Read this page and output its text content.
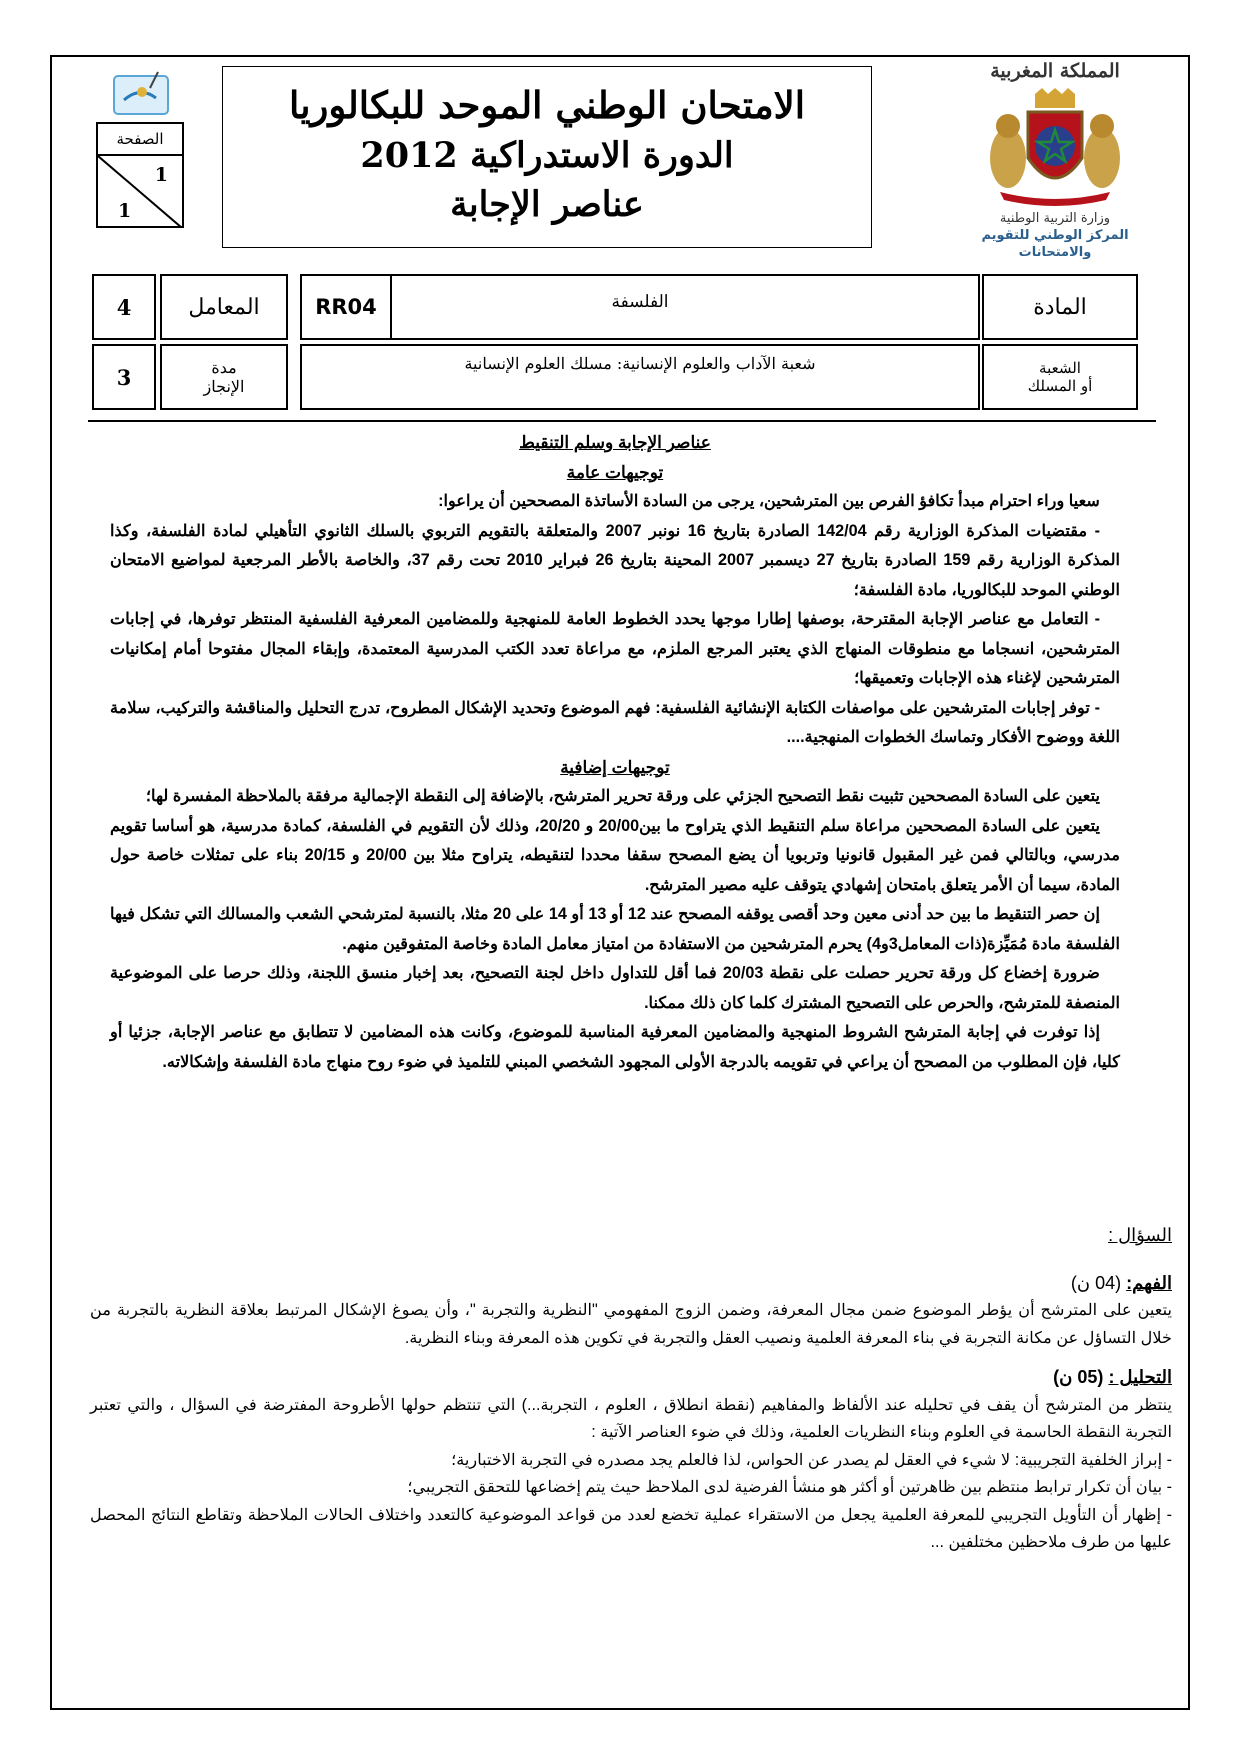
المملكة المغربية
وزارة التربية الوطنية
المركز الوطني للتقويم والامتحانات
الامتحان الوطني الموحد للبكالوريا
الدورة الاستدراكية 2012
عناصر الإجابة
الصفحة
1
1
المادة
الفلسفة
RR04
المعامل
4
الشعبة
أو المسلك
شعبة الآداب والعلوم الإنسانية: مسلك العلوم الإنسانية
مدة
الإنجاز
3

عناصر الإجابة وسلم التنقيط

توجيهات عامة

سعيا وراء احترام مبدأ تكافؤ الفرص بين المترشحين، يرجى من السادة الأساتذة المصححين أن يراعوا:

- مقتضيات المذكرة الوزارية رقم 142/04 الصادرة بتاريخ 16 نونبر 2007 والمتعلقة بالتقويم التربوي بالسلك الثانوي التأهيلي لمادة الفلسفة، وكذا المذكرة الوزارية رقم 159 الصادرة بتاريخ 27 ديسمبر 2007 المحينة بتاريخ 26 فبراير 2010 تحت رقم 37، والخاصة بالأطر المرجعية لمواضيع الامتحان الوطني الموحد للبكالوريا، مادة الفلسفة؛

- التعامل مع عناصر الإجابة المقترحة، بوصفها إطارا موجها يحدد الخطوط العامة للمنهجية وللمضامين المعرفية الفلسفية المنتظر توفرها، في إجابات المترشحين، انسجاما مع منطوقات المنهاج الذي يعتبر المرجع الملزم، مع مراعاة تعدد الكتب المدرسية المعتمدة، وإبقاء المجال مفتوحا أمام إمكانيات المترشحين لإغناء هذه الإجابات وتعميقها؛

- توفر إجابات المترشحين على مواصفات الكتابة الإنشائية الفلسفية: فهم الموضوع وتحديد الإشكال المطروح، تدرج التحليل والمناقشة والتركيب، سلامة اللغة ووضوح الأفكار وتماسك الخطوات المنهجية....

توجيهات إضافية

يتعين على السادة المصححين تثبيت نقط التصحيح الجزئي على ورقة تحرير المترشح، بالإضافة إلى النقطة الإجمالية مرفقة بالملاحظة المفسرة لها؛

يتعين على السادة المصححين مراعاة سلم التنقيط الذي يتراوح ما بين20/00 و 20/20، وذلك لأن التقويم في الفلسفة، كمادة مدرسية، هو أساسا تقويم مدرسي، وبالتالي فمن غير المقبول قانونيا وتربويا أن يضع المصحح سقفا محددا لتنقيطه، يتراوح مثلا بين 20/00 و 20/15 بناء على تمثلات خاصة حول المادة، سيما أن الأمر يتعلق بامتحان إشهادي يتوقف عليه مصير المترشح.

إن حصر التنقيط ما بين حد أدنى معين وحد أقصى يوقفه المصحح عند 12 أو 13 أو 14 على 20 مثلا، بالنسبة لمترشحي الشعب والمسالك التي تشكل فيها الفلسفة مادة مُمَيِّزة(ذات المعامل3و4) يحرم المترشحين من الاستفادة من امتياز معامل المادة وخاصة المتفوقين منهم.

ضرورة إخضاع كل ورقة تحرير حصلت على نقطة 20/03 فما أقل للتداول داخل لجنة التصحيح، بعد إخبار منسق اللجنة، وذلك حرصا على الموضوعية المنصفة للمترشح، والحرص على التصحيح المشترك كلما كان ذلك ممكنا.

إذا توفرت في إجابة المترشح الشروط المنهجية والمضامين المعرفية المناسبة للموضوع، وكانت هذه المضامين لا تتطابق مع عناصر الإجابة، جزئيا أو كليا، فإن المطلوب من المصحح أن يراعي في تقويمه بالدرجة الأولى المجهود الشخصي المبني للتلميذ في ضوء روح منهاج مادة الفلسفة وإشكالاته.

السؤال :

الفهم: (04 ن)

يتعين على المترشح أن يؤطر الموضوع ضمن مجال المعرفة، وضمن الزوج المفهومي "النظرية والتجربة "، وأن يصوغ الإشكال المرتبط بعلاقة النظرية بالتجربة من خلال التساؤل عن مكانة التجربة في بناء المعرفة العلمية ونصيب العقل والتجربة في تكوين هذه المعرفة وبناء النظرية.

التحليل : (05 ن)

ينتظر من المترشح أن يقف في تحليله عند الألفاظ والمفاهيم (نقطة انطلاق ، العلوم ، التجربة...) التي تنتظم حولها الأطروحة المفترضة في السؤال ، والتي تعتبر التجربة النقطة الحاسمة في العلوم وبناء النظريات العلمية، وذلك في ضوء العناصر الآتية :

- إبراز الخلفية التجريبية: لا شيء في العقل لم يصدر عن الحواس، لذا فالعلم يجد مصدره في التجربة الاختبارية؛

- بيان أن تكرار ترابط منتظم بين ظاهرتين أو أكثر هو منشأ الفرضية لدى الملاحظ حيث يتم إخضاعها للتحقق التجريبي؛

- إظهار أن التأويل التجريبي للمعرفة العلمية يجعل من الاستقراء عملية تخضع لعدد من قواعد الموضوعية كالتعدد واختلاف الحالات الملاحظة وتقاطع النتائج المحصل عليها من طرف ملاحظين مختلفين ...
